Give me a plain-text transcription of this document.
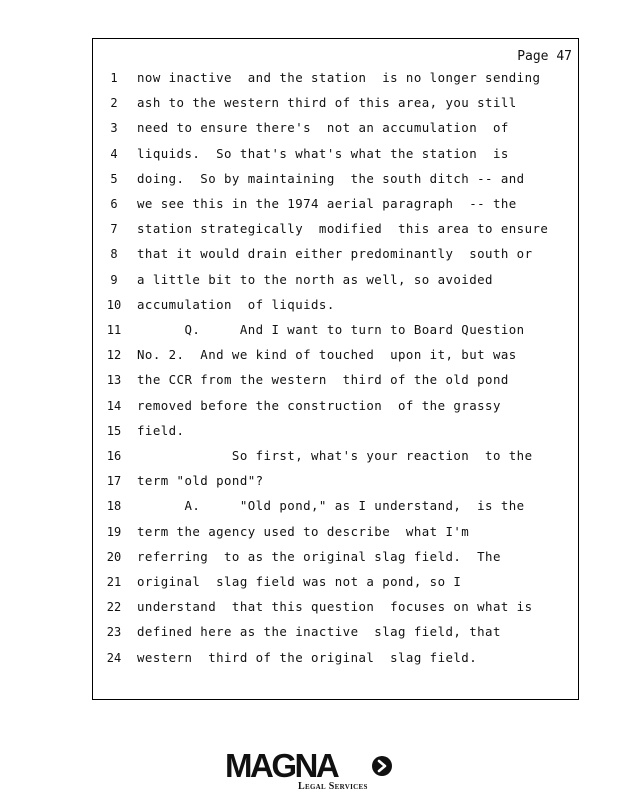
Page 47
1	now inactive  and the station  is no longer sending
2	ash to the western third of this area, you still
3	need to ensure there's  not an accumulation  of
4	liquids.  So that's what's what the station  is
5	doing.  So by maintaining  the south ditch -- and
6	we see this in the 1974 aerial paragraph  -- the
7	station strategically  modified  this area to ensure
8	that it would drain either predominantly  south or
9	a little bit to the north as well, so avoided
10 accumulation  of liquids.
11 Q.     And I want to turn to Board Question
12 No. 2.  And we kind of touched  upon it, but was
13 the CCR from the western  third of the old pond
14 removed before the construction  of the grassy
15 field.
16 So first, what's your reaction  to the
17 term "old pond"?
18 A.     "Old pond," as I understand,  is the
19 term the agency used to describe  what I'm
20 referring  to as the original slag field.  The
21 original  slag field was not a pond, so I
22 understand  that this question  focuses on what is
23 defined here as the inactive  slag field, that
24 western  third of the original  slag field.
MAGNA
Legal Services
